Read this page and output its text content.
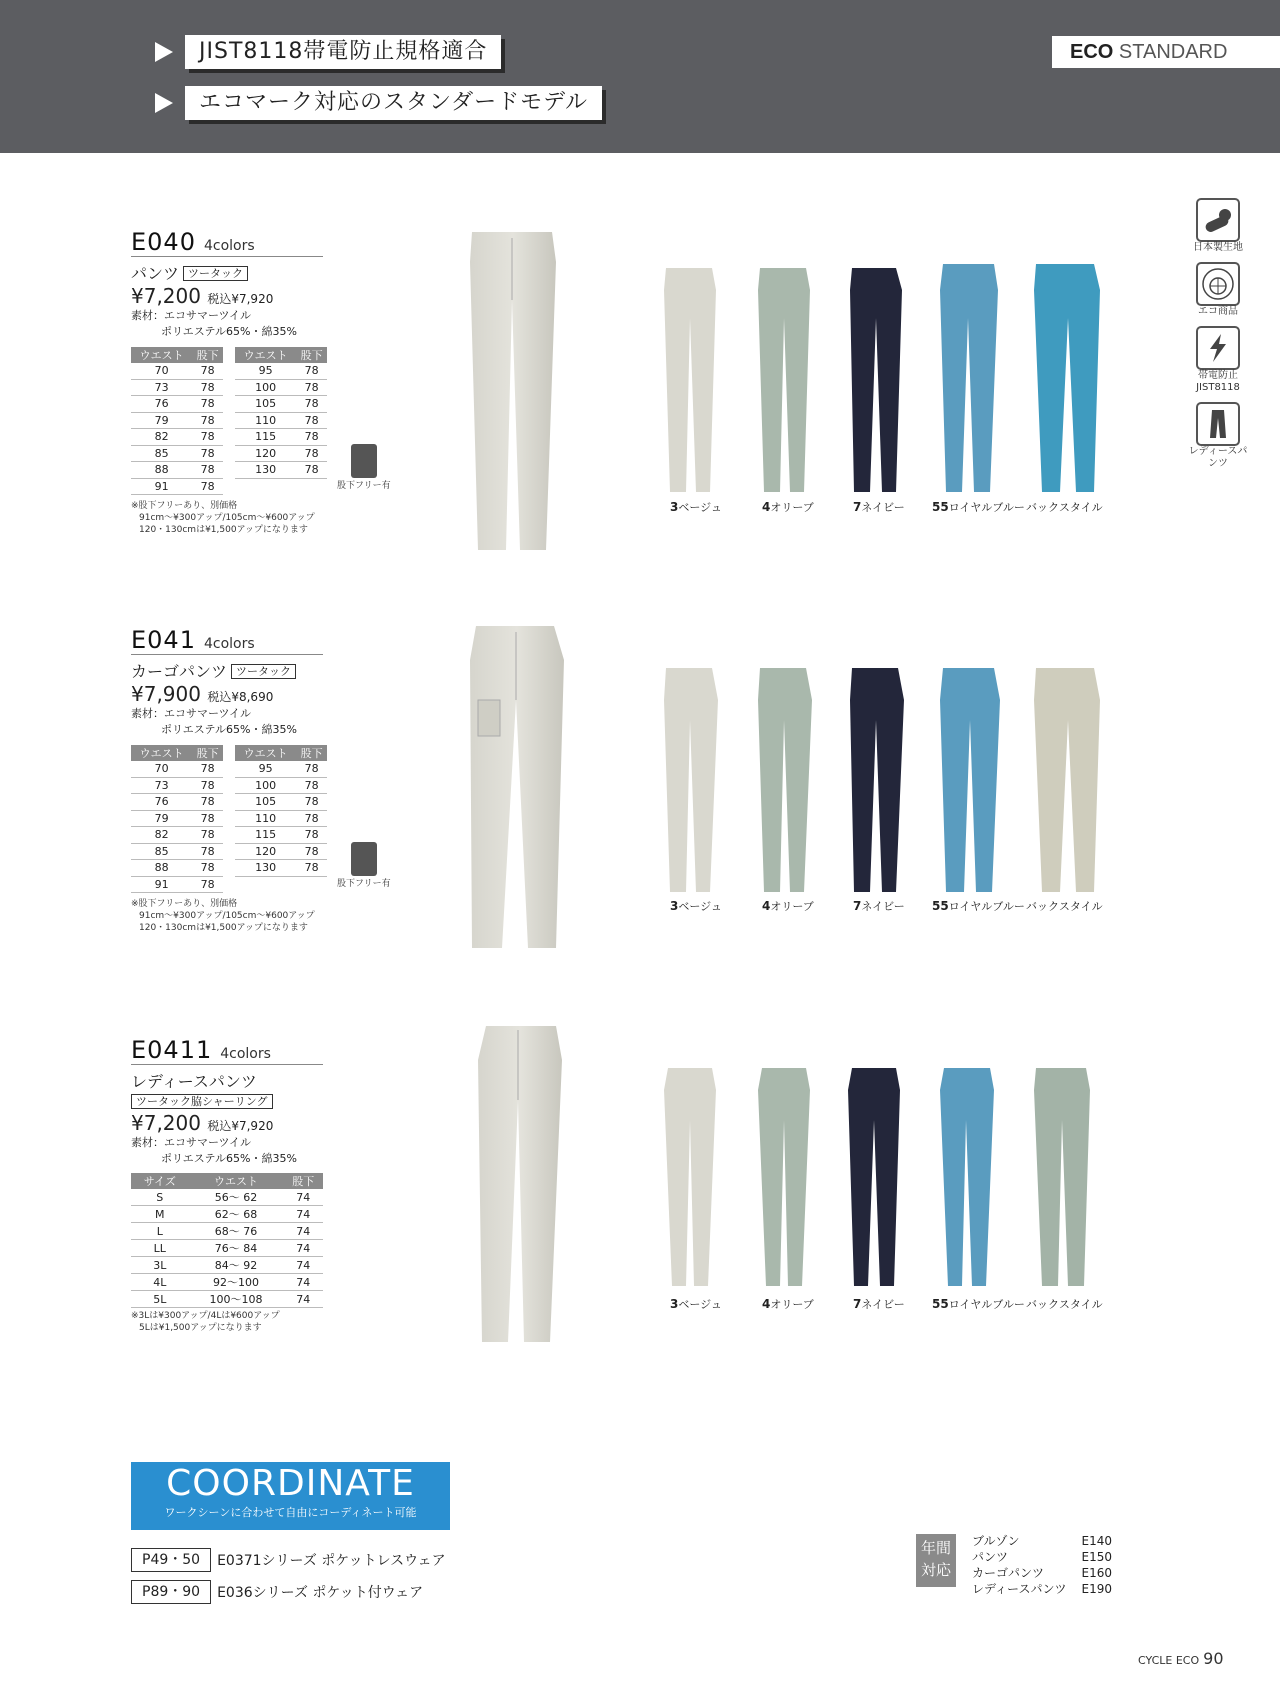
JIST8118帯電防止規格適合
エコマーク対応のスタンダードモデル
ECO STANDARD
日本製生地
エコ商品
帯電防止
JIST8118
レディースパンツ
E040 4colors
パンツ ツータック
¥7,200 税込¥7,920
素材：エコサマーツイル
ポリエステル65%・綿35%
ウエスト	股下
70	78
73	78
76	78
79	78
82	78
85	78
88	78
91	78
ウエスト	股下
95	78
100	78
105	78
110	78
115	78
120	78
130	78
※股下フリーあり、別価格
91cm～¥300アップ/105cm～¥600アップ
120・130cmは¥1,500アップになります
股下フリー有
E041 4colors
カーゴパンツ ツータック
¥7,900 税込¥8,690
素材：エコサマーツイル
ポリエステル65%・綿35%
ウエスト	股下
70	78
73	78
76	78
79	78
82	78
85	78
88	78
91	78
ウエスト	股下
95	78
100	78
105	78
110	78
115	78
120	78
130	78
※股下フリーあり、別価格
91cm～¥300アップ/105cm～¥600アップ
120・130cmは¥1,500アップになります
股下フリー有
E0411 4colors
レディースパンツ
ツータック脇シャーリング
¥7,200 税込¥7,920
素材：エコサマーツイル
ポリエステル65%・綿35%
サイズ	ウエスト	股下
S	56～ 62	74
M	62～ 68	74
L	68～ 76	74
LL	76～ 84	74
3L	84～ 92	74
4L	92～100	74
5L	100～108	74
※3Lは¥300アップ/4Lは¥600アップ
5Lは¥1,500アップになります
3ベージュ	4オリーブ	7ネイビー 55ロイヤルブルー バックスタイル
3ベージュ	4オリーブ	7ネイビー 55ロイヤルブルー バックスタイル
3ベージュ	4オリーブ	7ネイビー 55ロイヤルブルー バックスタイル
COORDINATE
ワークシーンに合わせて自由にコーディネート可能
P49・50	E0371シリーズ ポケットレスウェア
P89・90	E036シリーズ ポケット付ウェア
年間
対応
ブルゾン	E140
パンツ	E150
カーゴパンツ	E160
レディースパンツ E190
CYCLE ECO 90
